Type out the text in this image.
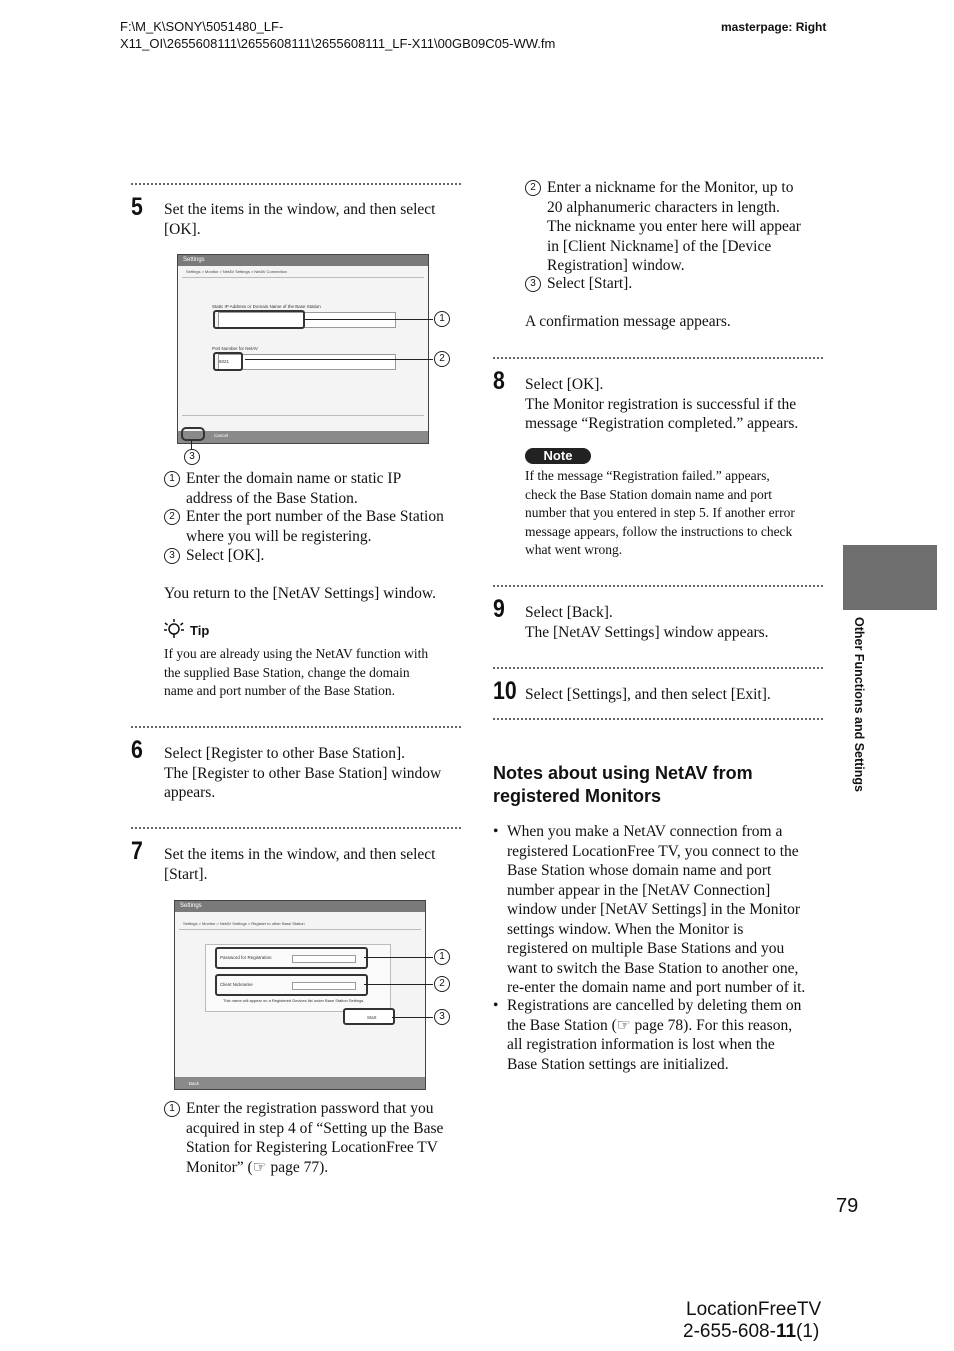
F:\M_K\SONY\5051480_LF-
X11_OI\2655608111\2655608111\2655608111_LF-X11\00GB09C05-WW.fm
masterpage: Right
5 Set the items in the window, and then select
[OK].
Settings
Settings > Monitor > NetAV Settings > NetAV Connection
Static IP Address or Domain Name of the Base Station
Port Number for NetAV
5021
Cancel
1
2
3
1 Enter the domain name or static IP
address of the Base Station.
2 Enter the port number of the Base Station
where you will be registering.
3 Select [OK].
You return to the [NetAV Settings] window.
Tip
If you are already using the NetAV function with
the supplied Base Station, change the domain
name and port number of the Base Station.
6 Select [Register to other Base Station].
The [Register to other Base Station] window
appears.
7 Set the items in the window, and then select
[Start].
Settings
Settings > Monitor > NetAV Settings > Register to other Base Station
Password for Registration
Client Nickname
This name will appear on a Registered Devices list under Base Station Settings.
Start
Back
1
2
3
1 Enter the registration password that you
acquired in step 4 of “Setting up the Base
Station for Registering LocationFree TV
Monitor” (☞ page 77).
2 Enter a nickname for the Monitor, up to
20 alphanumeric characters in length.
The nickname you enter here will appear
in [Client Nickname] of the [Device
Registration] window.
3 Select [Start].
A confirmation message appears.
8 Select [OK].
The Monitor registration is successful if the
message “Registration completed.” appears.
Note
If the message “Registration failed.” appears,
check the Base Station domain name and port
number that you entered in step 5. If another error
message appears, follow the instructions to check
what went wrong.
9 Select [Back].
The [NetAV Settings] window appears.
10 Select [Settings], and then select [Exit].
Notes about using NetAV from
registered Monitors
• When you make a NetAV connection from a
registered LocationFree TV, you connect to the
Base Station whose domain name and port
number appear in the [NetAV Connection]
window under [NetAV Settings] in the Monitor
settings window. When the Monitor is
registered on multiple Base Stations and you
want to switch the Base Station to another one,
re-enter the domain name and port number of it.
• Registrations are cancelled by deleting them on
the Base Station (☞ page 78). For this reason,
all registration information is lost when the
Base Station settings are initialized.
Other Functions and Settings
79
LocationFreeTV
2-655-608-11(1)
